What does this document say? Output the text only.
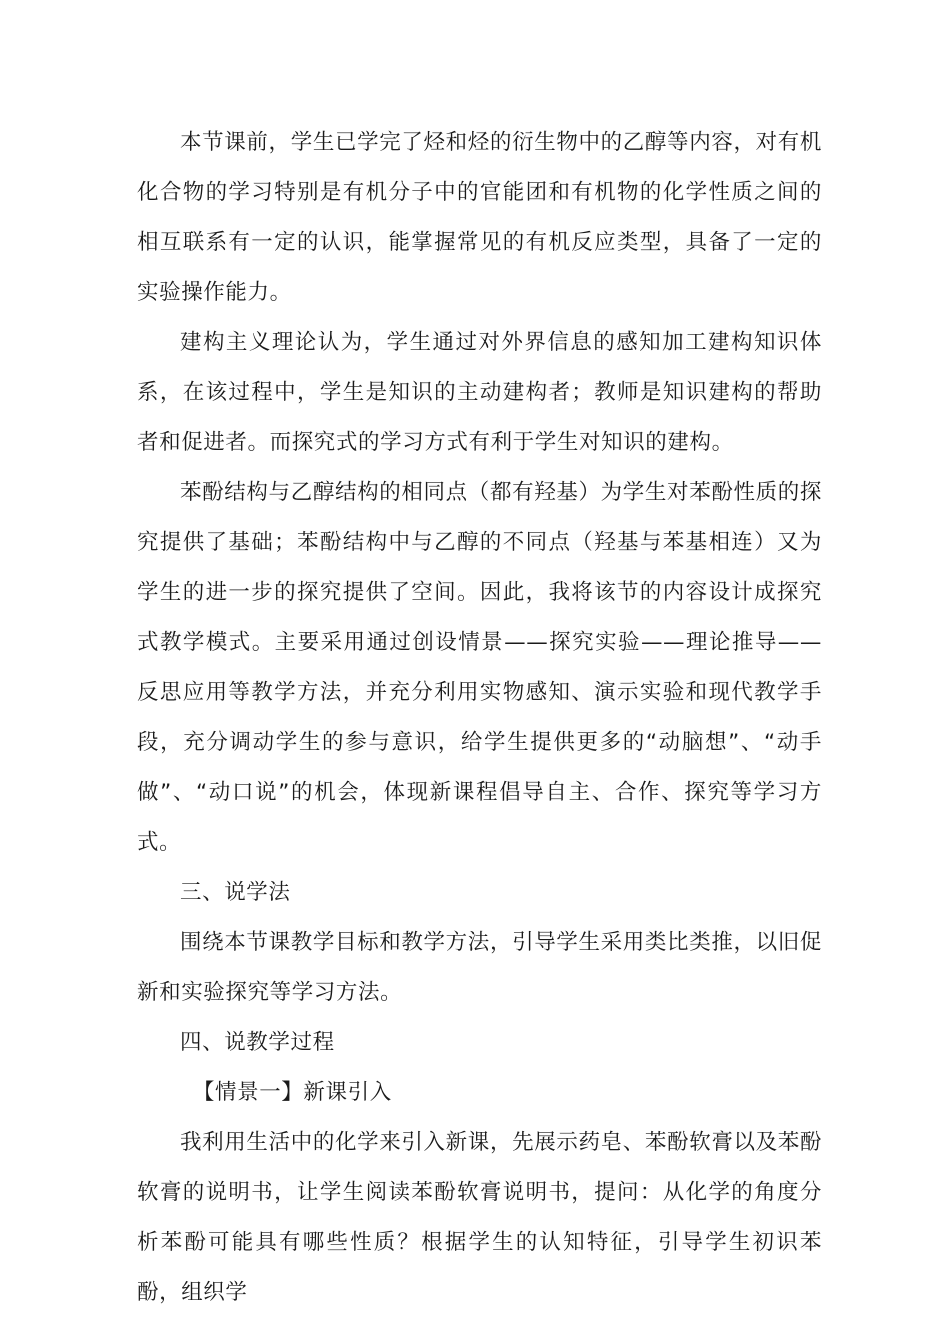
本节课前，学生已学完了烃和烃的衍生物中的乙醇等内容，对有机化合物的学习特别是有机分子中的官能团和有机物的化学性质之间的相互联系有一定的认识，能掌握常见的有机反应类型，具备了一定的实验操作能力。

建构主义理论认为，学生通过对外界信息的感知加工建构知识体系，在该过程中，学生是知识的主动建构者；教师是知识建构的帮助者和促进者。而探究式的学习方式有利于学生对知识的建构。

苯酚结构与乙醇结构的相同点（都有羟基）为学生对苯酚性质的探究提供了基础；苯酚结构中与乙醇的不同点（羟基与苯基相连）又为学生的进一步的探究提供了空间。因此，我将该节的内容设计成探究式教学模式。主要采用通过创设情景——探究实验——理论推导——反思应用等教学方法，并充分利用实物感知、演示实验和现代教学手段，充分调动学生的参与意识，给学生提供更多的“动脑想”、“动手做”、“动口说”的机会，体现新课程倡导自主、合作、探究等学习方式。

三、说学法

围绕本节课教学目标和教学方法，引导学生采用类比类推，以旧促新和实验探究等学习方法。

四、说教学过程

【情景一】新课引入

我利用生活中的化学来引入新课，先展示药皂、苯酚软膏以及苯酚软膏的说明书，让学生阅读苯酚软膏说明书，提问：从化学的角度分析苯酚可能具有哪些性质？根据学生的认知特征，引导学生初识苯酚，组织学
